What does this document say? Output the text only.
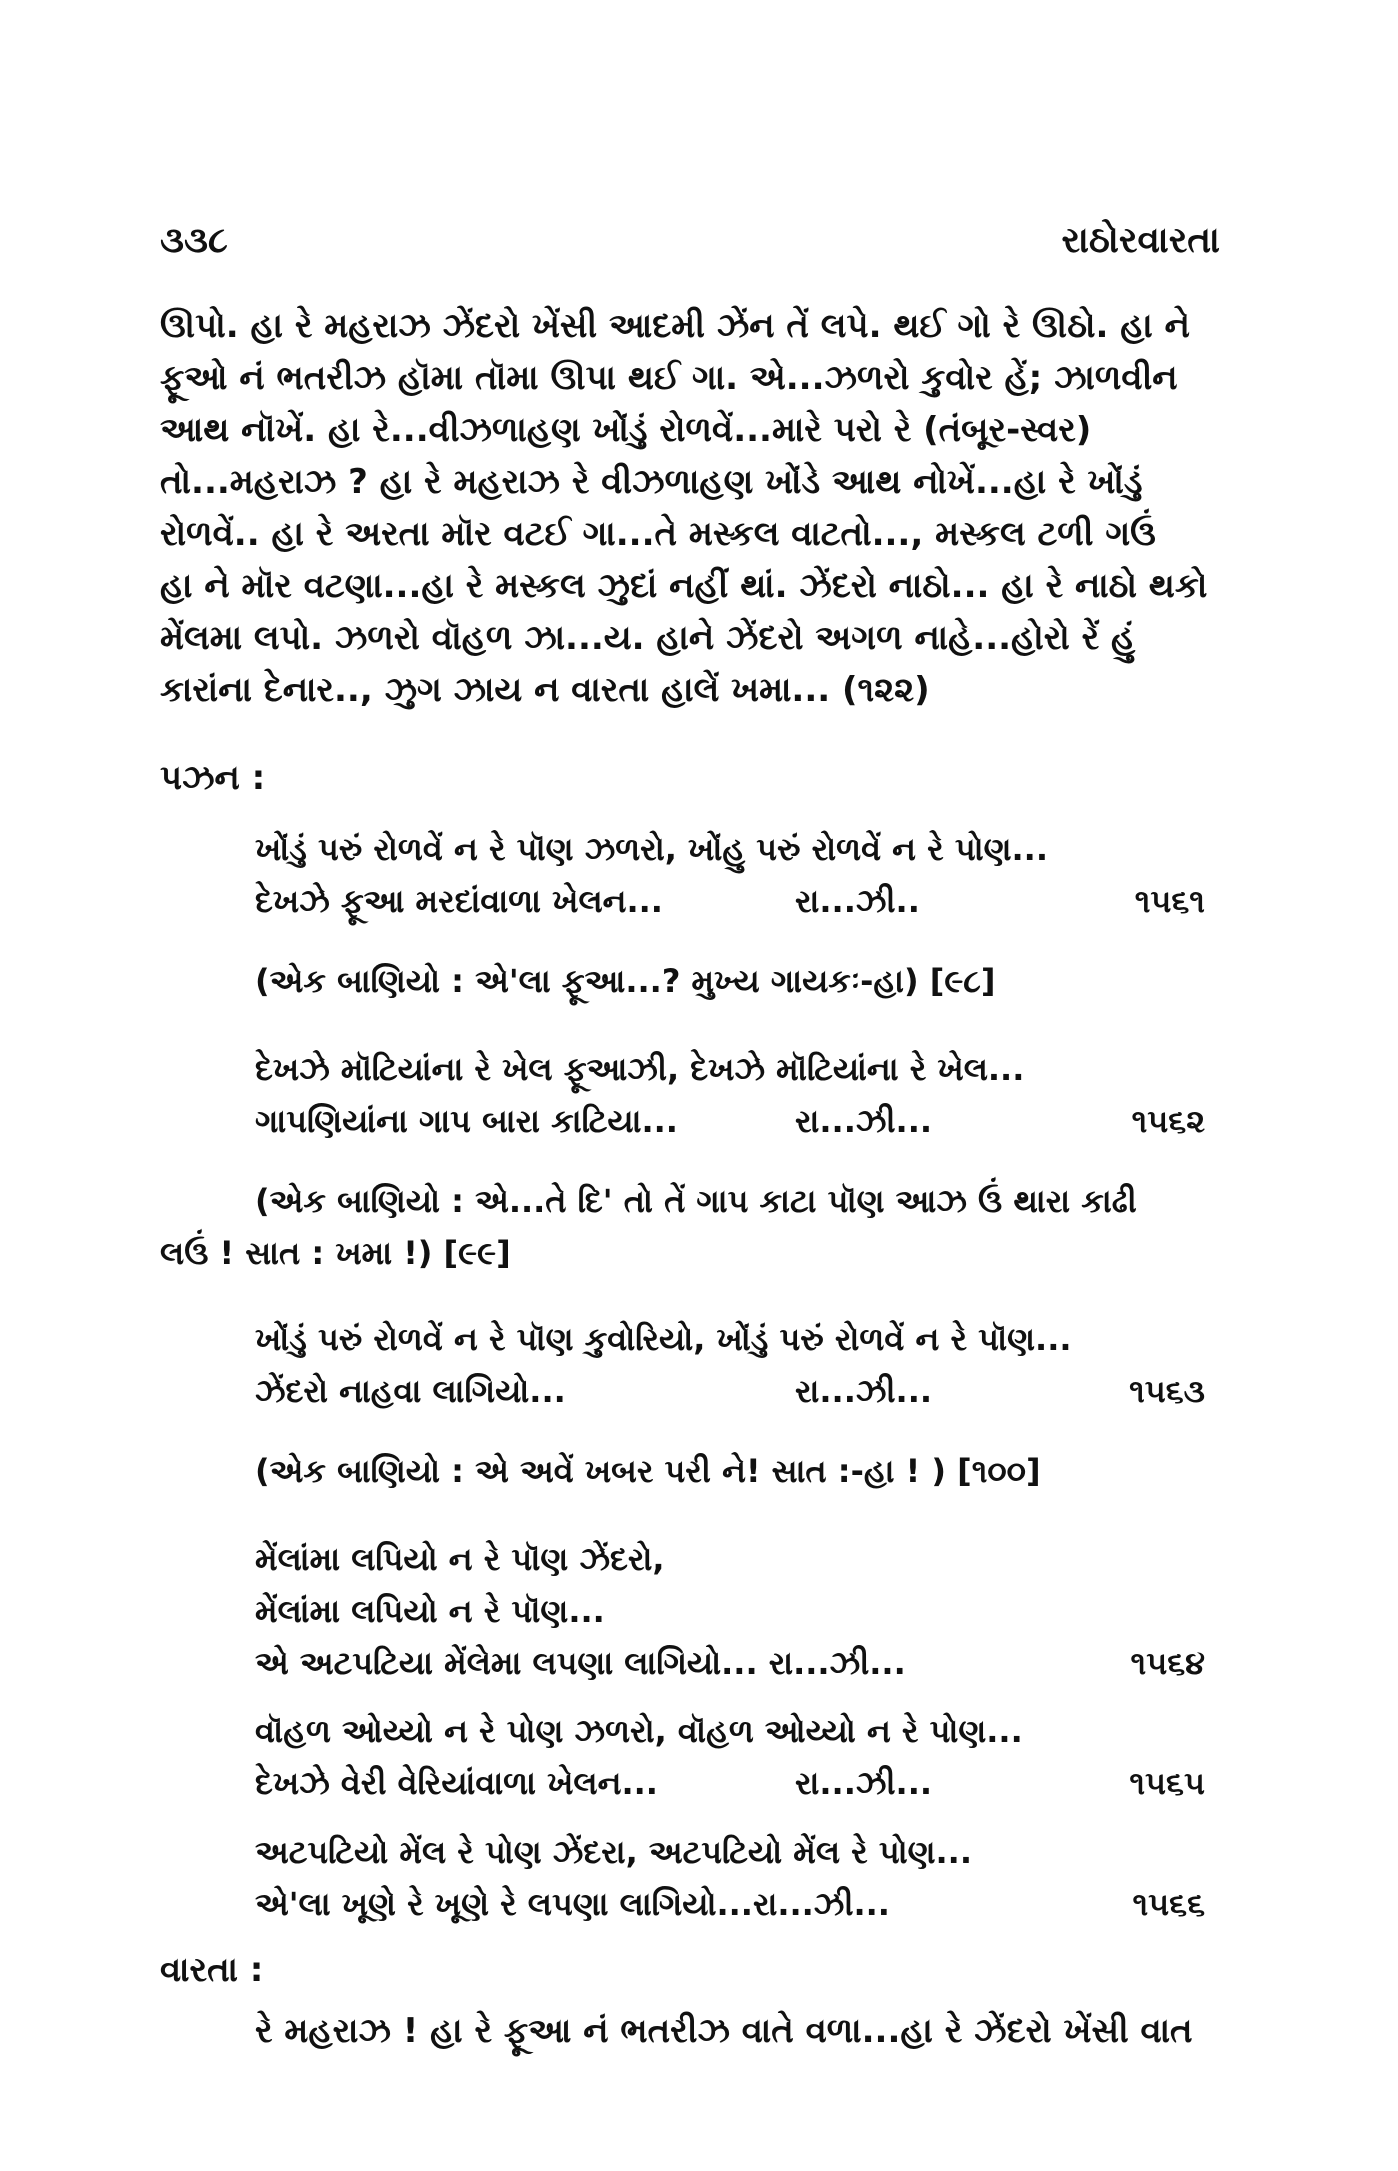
૩૩૮	રાઠોરવારતા

ઊપો. હા રે મહરાઝ ઝેંદરો ખેંસી આદમી ઝેંન તેં લપે. થઈ ગો રે ઊઠો. હા ને

ફૂઓ નં ભતરીઝ હૉમા તૉમા ઊપા થઈ ગા. એ...ઝળરો કુવોર હેં; ઝાળવીન

આથ નૉખેં. હા રે...વીઝળાહણ ખોંડું રોળવેં...મારે પરો રે (તંબૂર-સ્વર)

તો...મહરાઝ ? હા રે મહરાઝ રે વીઝળાહણ ખોંડે આથ નોખેં...હા રે ખોંડું

રોળવેં.. હા રે અરતા મૉર વટઈ ગા...તે મસ્કલ વાટતો..., મસ્કલ ટળી ગઉં

હા ને મૉર વટણા...હા રે મસ્કલ ઝુદાં નહીં થાં. ઝેંદરો નાઠો... હા રે નાઠો થકો

મેંલમા લપો. ઝળરો વૉહળ ઝા...ય. હાને ઝેંદરો અગળ નાહે...હોરો રેં હું

કારાંના દેનાર.., ઝુગ ઝાય ન વારતા હાલેં ખમા... (૧૨૨)

પઝન :
ખોંડું પરું રોળવેં ન રે પૉણ ઝળરો, ખોંહુ પરું રોળવેં ન રે પોણ...
દેખઝે ફૂઆ મરદાંવાળા ખેલન...	રા...ઝી..	૧૫૬૧
(એક બાણિયો : એ'લા ફૂઆ...? મુખ્ય ગાયકઃ-હા) [૯૮]
દેખઝે મૉટિયાંના રે ખેલ ફૂઆઝી, દેખઝે મૉટિયાંના રે ખેલ...
ગાપણિયાંના ગાપ બારા કાટિયા...	રા...ઝી...	૧૫૬૨
(એક બાણિયો : એ...તે દિ' તો તેં ગાપ કાટા પૉણ આઝ ઉં થારા કાઢી
લઉં ! સાત : ખમા !) [૯૯]
ખોંડું પરું રોળવેં ન રે પૉણ કુવોરિયો, ખોંડું પરું રોળવેં ન રે પૉણ...
ઝેંદરો નાહવા લાગિયો...	રા...ઝી...	૧૫૬૩
(એક બાણિયો : એ અવેં ખબર પરી ને! સાત :-હા ! ) [૧૦૦]
મેંલાંમા લપિયો ન રે પૉણ ઝેંદરો,
મેંલાંમા લપિયો ન રે પૉણ...
એ અટપટિયા મેંલેમા લપણા લાગિયો... રા...ઝી...	૧૫૬૪
વૉહળ ઓય્યો ન રે પોણ ઝળરો, વૉહળ ઓય્યો ન રે પોણ...
દેખઝે વેરી વેરિયાંવાળા ખેલન...	રા...ઝી...	૧૫૬૫
અટપટિયો મેંલ રે પોણ ઝેંદરા, અટપટિયો મેંલ રે પોણ...
એ'લા ખૂણે રે ખૂણે રે લપણા લાગિયો...રા...ઝી...	૧૫૬૬
વારતા :

રે મહરાઝ ! હા રે ફૂઆ નં ભતરીઝ વાતે વળા...હા રે ઝેંદરો ખેંસી વાત
